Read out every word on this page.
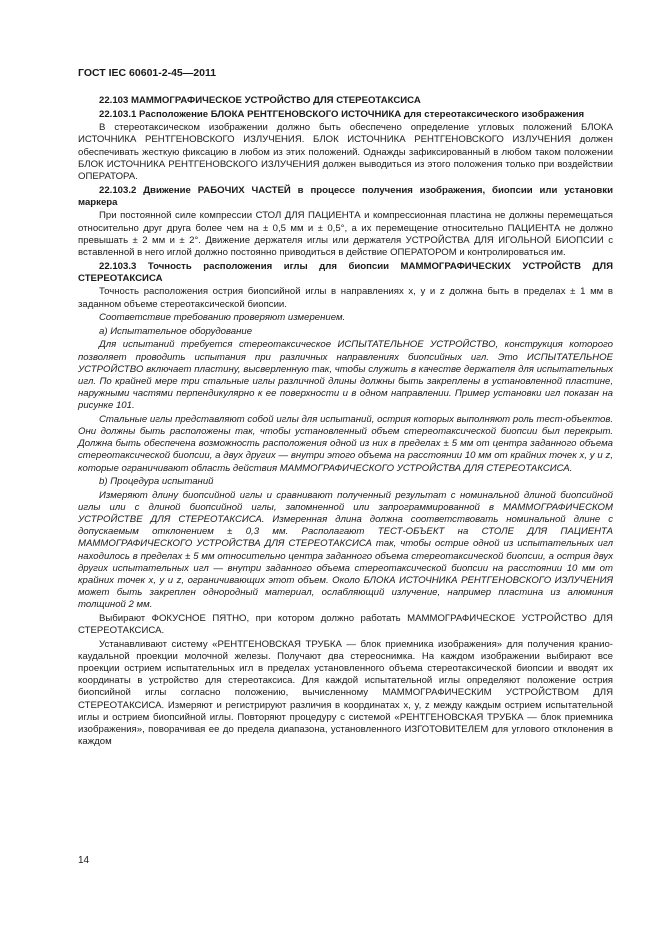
ГОСТ IEC 60601-2-45—2011

22.103 МАММОГРАФИЧЕСКОЕ УСТРОЙСТВО ДЛЯ СТЕРЕОТАКСИСА

22.103.1 Расположение БЛОКА РЕНТГЕНОВСКОГО ИСТОЧНИКА для стереотаксического изображения

В стереотаксическом изображении должно быть обеспечено определение угловых положений БЛОКА ИСТОЧНИКА РЕНТГЕНОВСКОГО ИЗЛУЧЕНИЯ. БЛОК ИСТОЧНИКА РЕНТГЕНОВСКОГО ИЗЛУЧЕНИЯ должен обеспечивать жесткую фиксацию в любом из этих положений. Однажды зафиксированный в любом таком положении БЛОК ИСТОЧНИКА РЕНТГЕНОВСКОГО ИЗЛУЧЕНИЯ должен выводиться из этого положения только при воздействии ОПЕРАТОРА.

22.103.2 Движение РАБОЧИХ ЧАСТЕЙ в процессе получения изображения, биопсии или установки маркера

При постоянной силе компрессии СТОЛ ДЛЯ ПАЦИЕНТА и компрессионная пластина не должны перемещаться относительно друг друга более чем на ± 0,5 мм и ± 0,5°, а их перемещение относительно ПАЦИЕНТА не должно превышать ± 2 мм и ± 2°. Движение держателя иглы или держателя УСТРОЙСТВА ДЛЯ ИГОЛЬНОЙ БИОПСИИ с вставленной в него иглой должно постоянно приводиться в действие ОПЕРАТОРОМ и контролироваться им.

22.103.3 Точность расположения иглы для биопсии МАММОГРАФИЧЕСКИХ УСТРОЙСТВ ДЛЯ СТЕРЕОТАКСИСА

Точность расположения острия биопсийной иглы в направлениях x, y и z должна быть в пределах ± 1 мм в заданном объеме стереотаксической биопсии.

Соответствие требованию проверяют измерением.

а) Испытательное оборудование

Для испытаний требуется стереотаксическое ИСПЫТАТЕЛЬНОЕ УСТРОЙСТВО, конструкция которого позволяет проводить испытания при различных направлениях биопсийных игл. Это ИСПЫТАТЕЛЬНОЕ УСТРОЙСТВО включает пластину, высверленную так, чтобы служить в качестве держателя для испытательных игл. По крайней мере три стальные иглы различной длины должны быть закреплены в установленной пластине, наружными частями перпендикулярно к ее поверхности и в одном направлении. Пример установки игл показан на рисунке 101.

Стальные иглы представляют собой иглы для испытаний, острия которых выполняют роль тест-объектов. Они должны быть расположены так, чтобы установленный объем стереотаксической биопсии был перекрыт. Должна быть обеспечена возможность расположения одной из них в пределах ± 5 мм от центра заданного объема стереотаксической биопсии, а двух других — внутри этого объема на расстоянии 10 мм от крайних точек x, y и z, которые ограничивают область действия МАММОГРАФИЧЕСКОГО УСТРОЙСТВА ДЛЯ СТЕРЕОТАКСИСА.

b) Процедура испытаний

Измеряют длину биопсийной иглы и сравнивают полученный результат с номинальной длиной биопсийной иглы или с длиной биопсийной иглы, запомненной или запрограммированной в МАММОГРАФИЧЕСКОМ УСТРОЙСТВЕ ДЛЯ СТЕРЕОТАКСИСА. Измеренная длина должна соответствовать номинальной длине с допускаемым отклонением ± 0,3 мм. Располагают ТЕСТ-ОБЪЕКТ на СТОЛЕ ДЛЯ ПАЦИЕНТА МАММОГРАФИЧЕСКОГО УСТРОЙСТВА ДЛЯ СТЕРЕОТАКСИСА так, чтобы острие одной из испытательных игл находилось в пределах ± 5 мм относительно центра заданного объема стереотаксической биопсии, а острия двух других испытательных игл — внутри заданного объема стереотаксической биопсии на расстоянии 10 мм от крайних точек x, y и z, ограничивающих этот объем. Около БЛОКА ИСТОЧНИКА РЕНТГЕНОВСКОГО ИЗЛУЧЕНИЯ может быть закреплен однородный материал, ослабляющий излучение, например пластина из алюминия толщиной 2 мм.

Выбирают ФОКУСНОЕ ПЯТНО, при котором должно работать МАММОГРАФИЧЕСКОЕ УСТРОЙСТВО ДЛЯ СТЕРЕОТАКСИСА.

Устанавливают систему «РЕНТГЕНОВСКАЯ ТРУБКА — блок приемника изображения» для получения кранио-каудальной проекции молочной железы. Получают два стереоснимка. На каждом изображении выбирают все проекции острием испытательных игл в пределах установленного объема стереотаксической биопсии и вводят их координаты в устройство для стереотаксиса. Для каждой испытательной иглы определяют положение острия биопсийной иглы согласно положению, вычисленному МАММОГРАФИЧЕСКИМ УСТРОЙСТВОМ ДЛЯ СТЕРЕОТАКСИСА. Измеряют и регистрируют различия в координатах x, y, z между каждым острием испытательной иглы и острием биопсийной иглы. Повторяют процедуру с системой «РЕНТГЕНОВСКАЯ ТРУБКА — блок приемника изображения», поворачивая ее до предела диапазона, установленного ИЗГОТОВИТЕЛЕМ для углового отклонения в каждом

14
